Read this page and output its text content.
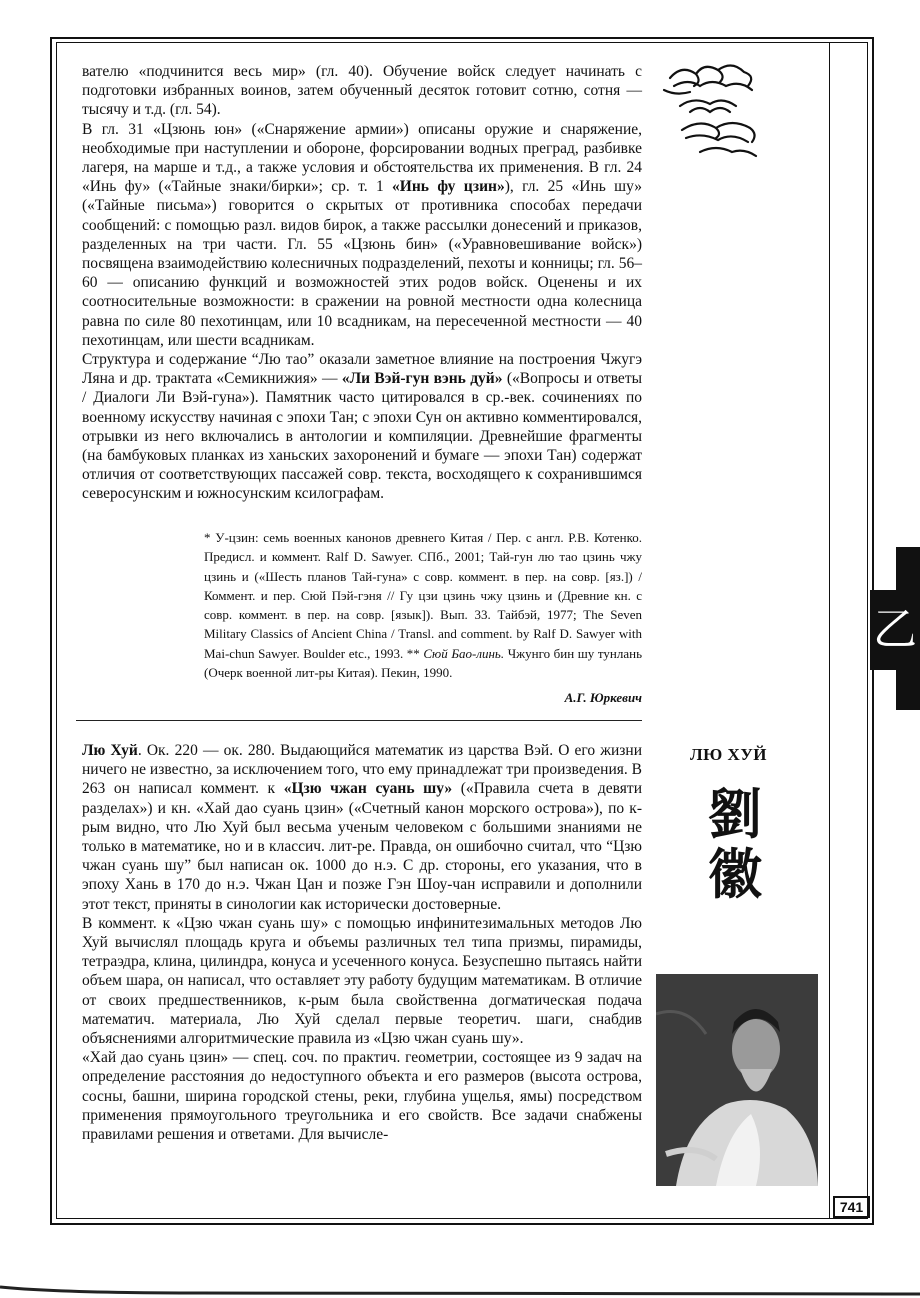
вателю «подчинится весь мир» (гл. 40). Обучение войск следует начинать с подготовки избранных воинов, затем обученный десяток готовит сотню, сотня — тысячу и т.д. (гл. 54).

В гл. 31 «Цзюнь юн» («Снаряжение армии») описаны оружие и снаряжение, необходимые при наступлении и обороне, форсировании водных преград, разбивке лагеря, на марше и т.д., а также условия и обстоятельства их применения. В гл. 24 «Инь фу» («Тайные знаки/бирки»; ср. т. 1 «Инь фу цзин»), гл. 25 «Инь шу» («Тайные письма») говорится о скрытых от противника способах передачи сообщений: с помощью разл. видов бирок, а также рассылки донесений и приказов, разделенных на три части. Гл. 55 «Цзюнь бин» («Уравновешивание войск») посвящена взаимодействию колесничных подразделений, пехоты и конницы; гл. 56–60 — описанию функций и возможностей этих родов войск. Оценены и их соотносительные возможности: в сражении на ровной местности одна колесница равна по силе 80 пехотинцам, или 10 всадникам, на пересеченной местности — 40 пехотинцам, или шести всадникам.

Структура и содержание “Лю тао” оказали заметное влияние на построения Чжугэ Ляна и др. трактата «Семикнижия» — «Ли Вэй-гун вэнь дуй» («Вопросы и ответы / Диалоги Ли Вэй-гуна»). Памятник часто цитировался в ср.-век. сочинениях по военному искусству начиная с эпохи Тан; с эпохи Сун он активно комментировался, отрывки из него включались в антологии и компиляции. Древнейшие фрагменты (на бамбуковых планках из ханьских захоронений и бумаге — эпохи Тан) содержат отличия от соответствующих пассажей совр. текста, восходящего к сохранившимся северосунским и южносунским ксилографам.

* У-цзин: семь военных канонов древнего Китая / Пер. с англ. Р.В. Котенко. Предисл. и коммент. Ralf D. Sawyer. СПб., 2001; Тай-гун лю тао цзинь чжу цзинь и («Шесть планов Тай-гуна» с совр. коммент. в пер. на совр. [яз.]) / Коммент. и пер. Сюй Пэй-гэня // Гу цзи цзинь чжу цзинь и (Древние кн. с совр. коммент. в пер. на совр. [язык]). Вып. 33. Тайбэй, 1977; The Seven Military Classics of Ancient China / Transl. and comment. by Ralf D. Sawyer with Mai-chun Sawyer. Boulder etc., 1993. ** Сюй Бао-линь. Чжунго бин шу тунлань (Очерк военной лит-ры Китая). Пекин, 1990.
А.Г. Юркевич
ЛЮ ХУЙ
劉
徽

Лю Хуй. Ок. 220 — ок. 280. Выдающийся математик из царства Вэй. О его жизни ничего не известно, за исключением того, что ему принадлежат три произведения. В 263 он написал коммент. к «Цзю чжан суань шу» («Правила счета в девяти разделах») и кн. «Хай дао суань цзин» («Счетный канон морского острова»), по к-рым видно, что Лю Хуй был весьма ученым человеком с большими знаниями не только в математике, но и в классич. лит-ре. Правда, он ошибочно считал, что “Цзю чжан суань шу” был написан ок. 1000 до н.э. С др. стороны, его указания, что в эпоху Хань в 170 до н.э. Чжан Цан и позже Гэн Шоу-чан исправили и дополнили этот текст, приняты в синологии как исторически достоверные.

В коммент. к «Цзю чжан суань шу» с помощью инфинитезимальных методов Лю Хуй вычислял площадь круга и объемы различных тел типа призмы, пирамиды, тетраэдра, клина, цилиндра, конуса и усеченного конуса. Безуспешно пытаясь найти объем шара, он написал, что оставляет эту работу будущим математикам. В отличие от своих предшественников, к-рым была свойственна догматическая подача математич. материала, Лю Хуй сделал первые теоретич. шаги, снабдив объяснениями алгоритмические правила из «Цзю чжан суань шу».

«Хай дао суань цзин» — спец. соч. по практич. геометрии, состоящее из 9 задач на определение расстояния до недоступного объекта и его размеров (высота острова, сосны, башни, ширина городской стены, реки, глубина ущелья, ямы) посредством применения прямоугольного треугольника и его свойств. Все задачи снабжены правилами решения и ответами. Для вычисле-

乙
741
